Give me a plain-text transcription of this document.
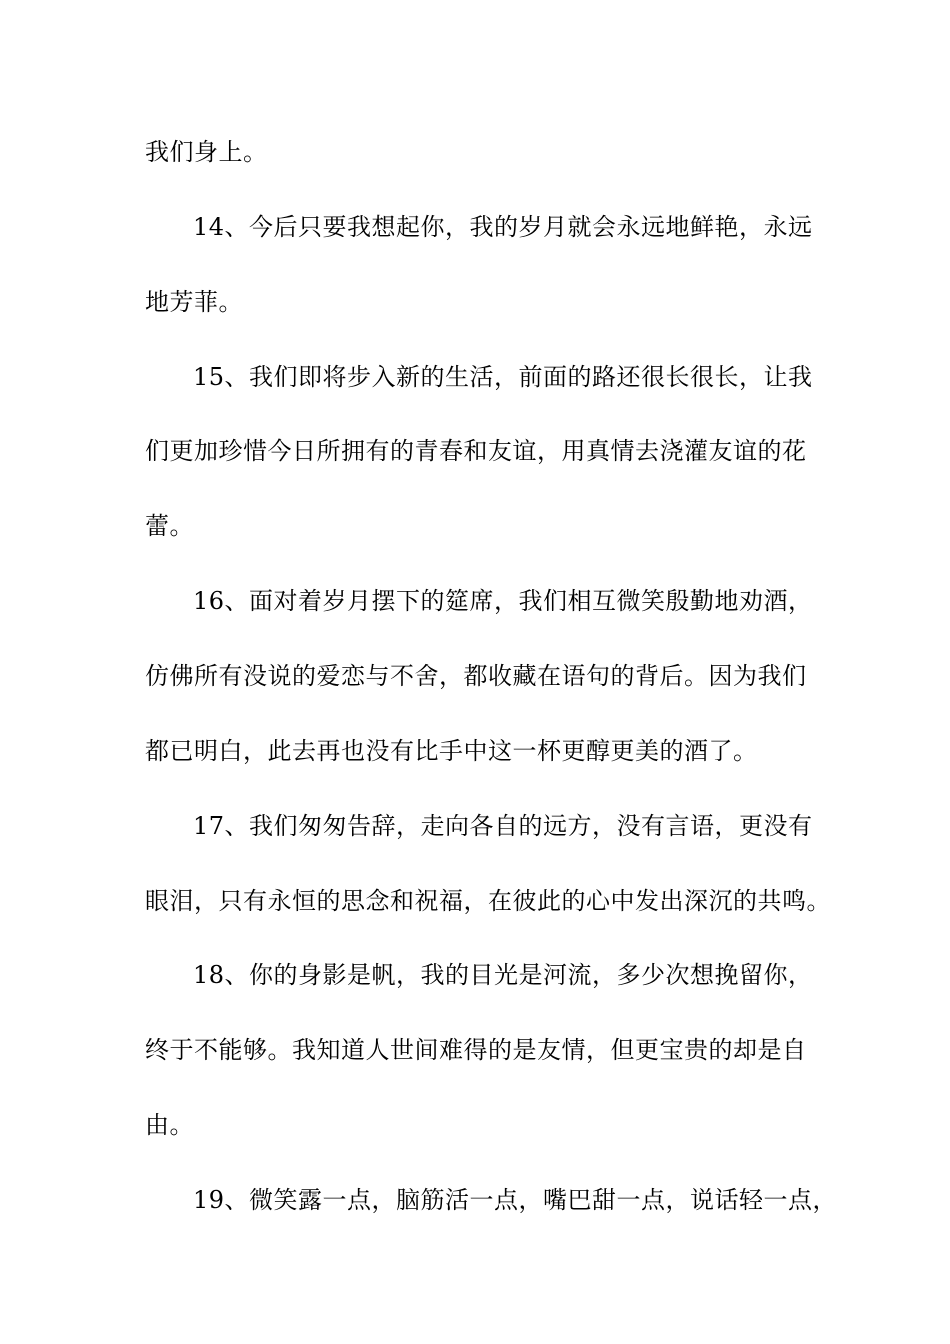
我们身上。
14、今后只要我想起你，我的岁月就会永远地鲜艳，永远
地芳菲。
15、我们即将步入新的生活，前面的路还很长很长，让我
们更加珍惜今日所拥有的青春和友谊，用真情去浇灌友谊的花
蕾。
16、面对着岁月摆下的筵席，我们相互微笑殷勤地劝酒，
仿佛所有没说的爱恋与不舍，都收藏在语句的背后。因为我们
都已明白，此去再也没有比手中这一杯更醇更美的酒了。
17、我们匆匆告辞，走向各自的远方，没有言语，更没有
眼泪，只有永恒的思念和祝福，在彼此的心中发出深沉的共鸣。
18、你的身影是帆，我的目光是河流，多少次想挽留你，
终于不能够。我知道人世间难得的是友情，但更宝贵的却是自
由。
19、微笑露一点，脑筋活一点，嘴巴甜一点，说话轻一点，
